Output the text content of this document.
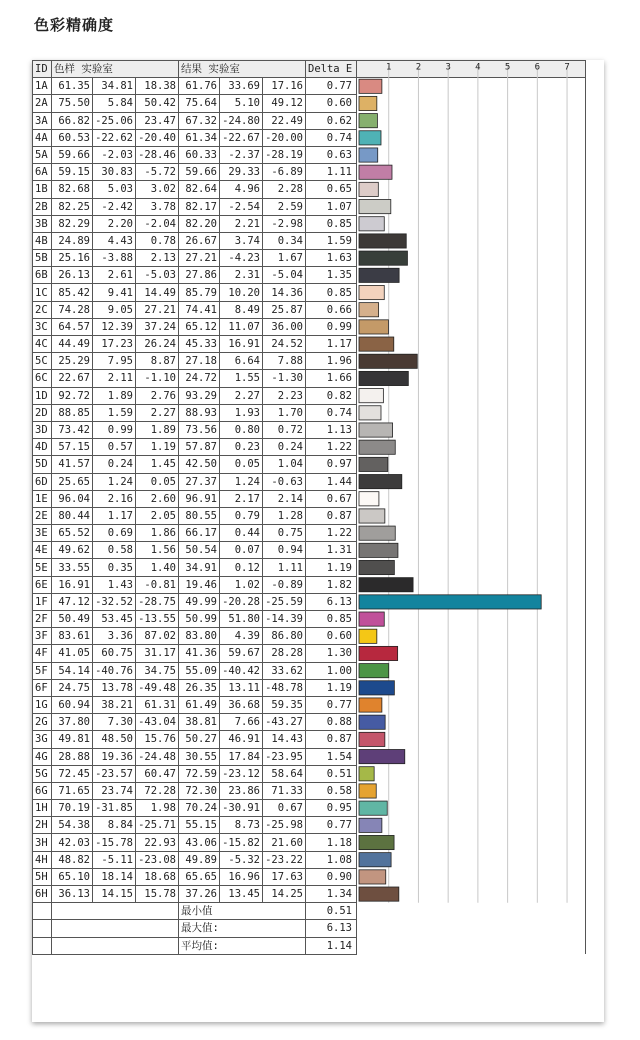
色彩精确度
ID	色样 实验室			结果 实验室			Delta E	
1A	61.35	34.81	18.38	61.76	33.69	17.16	0.77	
2A	75.50	5.84	50.42	75.64	5.10	49.12	0.60	
3A	66.82	-25.06	23.47	67.32	-24.80	22.49	0.62	
4A	60.53	-22.62	-20.40	61.34	-22.67	-20.00	0.74	
5A	59.66	-2.03	-28.46	60.33	-2.37	-28.19	0.63	
6A	59.15	30.83	-5.72	59.66	29.33	-6.89	1.11	
1B	82.68	5.03	3.02	82.64	4.96	2.28	0.65	
2B	82.25	-2.42	3.78	82.17	-2.54	2.59	1.07	
3B	82.29	2.20	-2.04	82.20	2.21	-2.98	0.85	
4B	24.89	4.43	0.78	26.67	3.74	0.34	1.59	
5B	25.16	-3.88	2.13	27.21	-4.23	1.67	1.63	
6B	26.13	2.61	-5.03	27.86	2.31	-5.04	1.35	
1C	85.42	9.41	14.49	85.79	10.20	14.36	0.85	
2C	74.28	9.05	27.21	74.41	8.49	25.87	0.66	
3C	64.57	12.39	37.24	65.12	11.07	36.00	0.99	
4C	44.49	17.23	26.24	45.33	16.91	24.52	1.17	
5C	25.29	7.95	8.87	27.18	6.64	7.88	1.96	
6C	22.67	2.11	-1.10	24.72	1.55	-1.30	1.66	
1D	92.72	1.89	2.76	93.29	2.27	2.23	0.82	
2D	88.85	1.59	2.27	88.93	1.93	1.70	0.74	
3D	73.42	0.99	1.89	73.56	0.80	0.72	1.13	
4D	57.15	0.57	1.19	57.87	0.23	0.24	1.22	
5D	41.57	0.24	1.45	42.50	0.05	1.04	0.97	
6D	25.65	1.24	0.05	27.37	1.24	-0.63	1.44	
1E	96.04	2.16	2.60	96.91	2.17	2.14	0.67	
2E	80.44	1.17	2.05	80.55	0.79	1.28	0.87	
3E	65.52	0.69	1.86	66.17	0.44	0.75	1.22	
4E	49.62	0.58	1.56	50.54	0.07	0.94	1.31	
5E	33.55	0.35	1.40	34.91	0.12	1.11	1.19	
6E	16.91	1.43	-0.81	19.46	1.02	-0.89	1.82	
1F	47.12	-32.52	-28.75	49.99	-20.28	-25.59	6.13	
2F	50.49	53.45	-13.55	50.99	51.80	-14.39	0.85	
3F	83.61	3.36	87.02	83.80	4.39	86.80	0.60	
4F	41.05	60.75	31.17	41.36	59.67	28.28	1.30	
5F	54.14	-40.76	34.75	55.09	-40.42	33.62	1.00	
6F	24.75	13.78	-49.48	26.35	13.11	-48.78	1.19	
1G	60.94	38.21	61.31	61.49	36.68	59.35	0.77	
2G	37.80	7.30	-43.04	38.81	7.66	-43.27	0.88	
3G	49.81	48.50	15.76	50.27	46.91	14.43	0.87	
4G	28.88	19.36	-24.48	30.55	17.84	-23.95	1.54	
5G	72.45	-23.57	60.47	72.59	-23.12	58.64	0.51	
6G	71.65	23.74	72.28	72.30	23.86	71.33	0.58	
1H	70.19	-31.85	1.98	70.24	-30.91	0.67	0.95	
2H	54.38	8.84	-25.71	55.15	8.73	-25.98	0.77	
3H	42.03	-15.78	22.93	43.06	-15.82	21.60	1.18	
4H	48.82	-5.11	-23.08	49.89	-5.32	-23.22	1.08	
5H	65.10	18.14	18.68	65.65	16.96	17.63	0.90	
6H	36.13	14.15	15.78	37.26	13.45	14.25	1.34	
				最小值			0.51	
				最大值:			6.13	
				平均值:			1.14	
1	2	3	4	5	6	7
